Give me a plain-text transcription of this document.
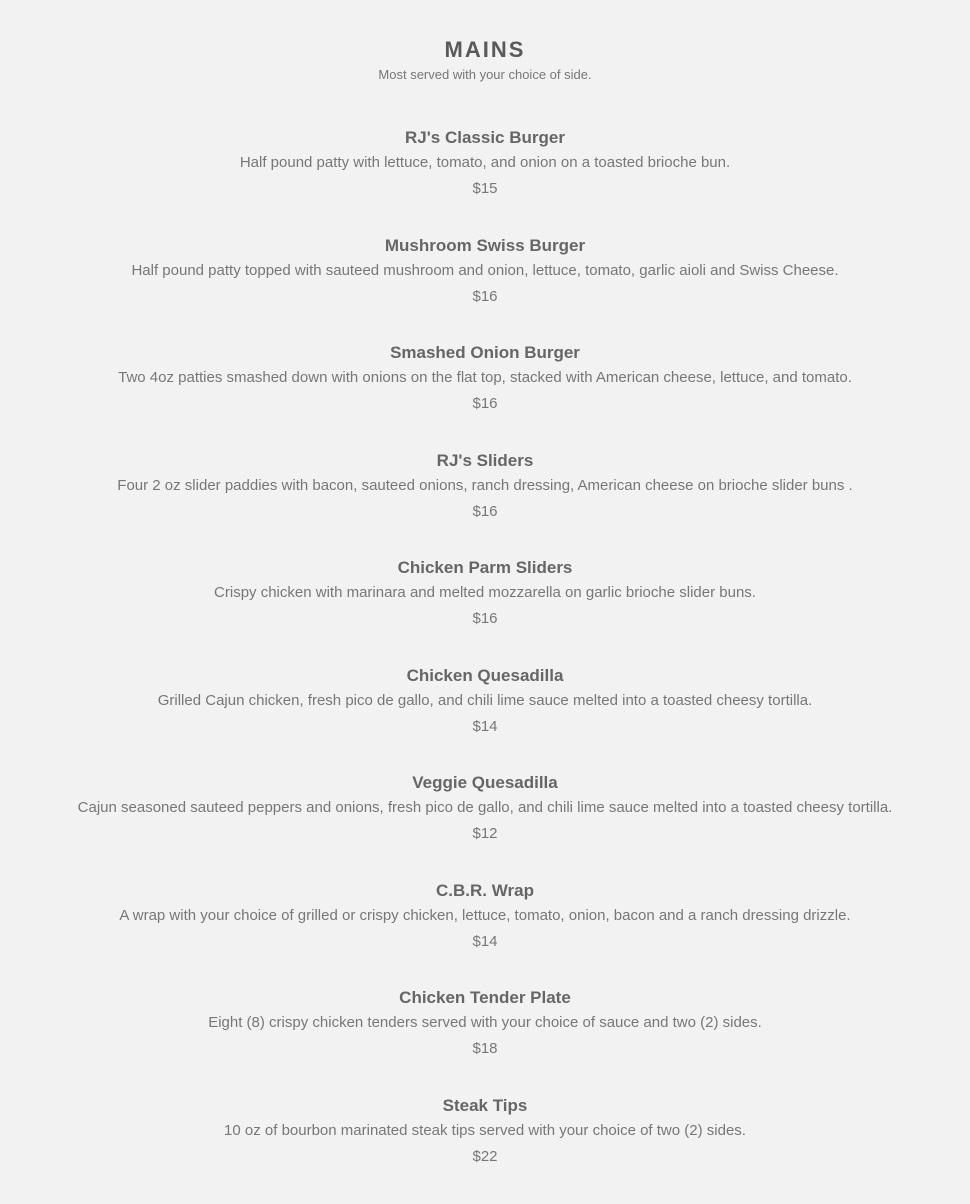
MAINS
Most served with your choice of side.
RJ's Classic Burger
Half pound patty with lettuce, tomato, and onion on a toasted brioche bun.
$15
Mushroom Swiss Burger
Half pound patty topped with sauteed mushroom and onion, lettuce, tomato, garlic aioli and Swiss Cheese.
$16
Smashed Onion Burger
Two 4oz patties smashed down with onions on the flat top, stacked with American cheese, lettuce, and tomato.
$16
RJ's Sliders
Four 2 oz slider paddies with bacon, sauteed onions, ranch dressing, American cheese on brioche slider buns .
$16
Chicken Parm Sliders
Crispy chicken with marinara and melted mozzarella on garlic brioche slider buns.
$16
Chicken Quesadilla
Grilled Cajun chicken, fresh pico de gallo, and chili lime sauce melted into a toasted cheesy tortilla.
$14
Veggie Quesadilla
Cajun seasoned sauteed peppers and onions, fresh pico de gallo, and chili lime sauce melted into a toasted cheesy tortilla.
$12
C.B.R. Wrap
A wrap with your choice of grilled or crispy chicken, lettuce, tomato, onion, bacon and a ranch dressing drizzle.
$14
Chicken Tender Plate
Eight (8) crispy chicken tenders served with your choice of sauce and two (2) sides.
$18
Steak Tips
10 oz of bourbon marinated steak tips served with your choice of two (2) sides.
$22
